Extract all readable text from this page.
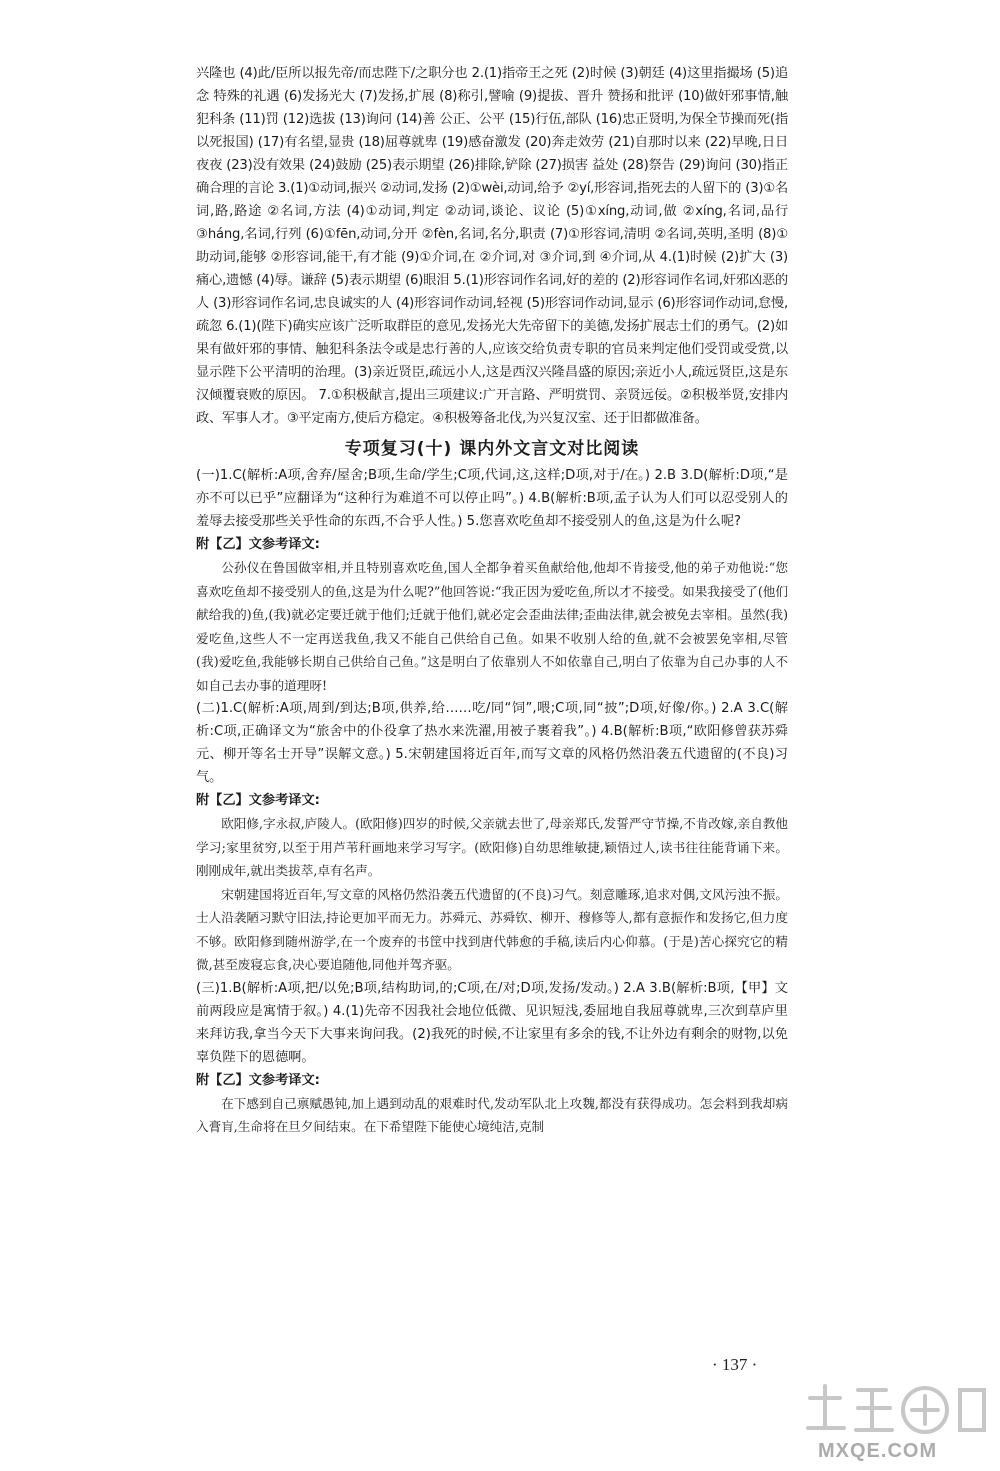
兴隆也 (4)此/臣所以报先帝/而忠陛下/之职分也 2.(1)指帝王之死 (2)时候 (3)朝廷 (4)这里指撮场 (5)追念 特殊的礼遇 (6)发扬光大 (7)发扬,扩展 (8)称引,譬喻 (9)提拔、晋升 赞扬和批评 (10)做奸邪事情,触犯科条 (11)罚 (12)选拔 (13)询问 (14)善 公正、公平 (15)行伍,部队 (16)忠正贤明,为保全节操而死(指以死报国) (17)有名望,显贵 (18)屈尊就卑 (19)感奋激发 (20)奔走效劳 (21)自那时以来 (22)早晚,日日夜夜 (23)没有效果 (24)鼓励 (25)表示期望 (26)排除,铲除 (27)损害 益处 (28)祭告 (29)询问 (30)指正确合理的言论 3.(1)①动词,振兴 ②动词,发扬 (2)①wèi,动词,给予 ②yí,形容词,指死去的人留下的 (3)①名词,路,路途 ②名词,方法 (4)①动词,判定 ②动词,谈论、议论 (5)①xíng,动词,做 ②xíng,名词,品行 ③háng,名词,行列 (6)①fēn,动词,分开 ②fèn,名词,名分,职责 (7)①形容词,清明 ②名词,英明,圣明 (8)①助动词,能够 ②形容词,能干,有才能 (9)①介词,在 ②介词,对 ③介词,到 ④介词,从 4.(1)时候 (2)扩大 (3)痛心,遗憾 (4)辱。谦辞 (5)表示期望 (6)眼泪 5.(1)形容词作名词,好的差的 (2)形容词作名词,奸邪凶恶的人 (3)形容词作名词,忠良诚实的人 (4)形容词作动词,轻视 (5)形容词作动词,显示 (6)形容词作动词,怠慢,疏忽 6.(1)(陛下)确实应该广泛听取群臣的意见,发扬光大先帝留下的美德,发扬扩展志士们的勇气。(2)如果有做奸邪的事情、触犯科条法令或是忠行善的人,应该交给负责专职的官员来判定他们受罚或受赏,以显示陛下公平清明的治理。(3)亲近贤臣,疏远小人,这是西汉兴隆昌盛的原因;亲近小人,疏远贤臣,这是东汉倾覆衰败的原因。 7.①积极献言,提出三项建议:广开言路、严明赏罚、亲贤远佞。②积极举贤,安排内政、军事人才。③平定南方,使后方稳定。④积极筹备北伐,为兴复汉室、还于旧都做准备。

专项复习(十) 课内外文言文对比阅读

(一)1.C(解析:A项,舍弃/屋舍;B项,生命/学生;C项,代词,这,这样;D项,对于/在。) 2.B 3.D(解析:D项,“是亦不可以已乎”应翻译为“这种行为难道不可以停止吗”。) 4.B(解析:B项,孟子认为人们可以忍受别人的羞辱去接受那些关乎性命的东西,不合乎人性。) 5.您喜欢吃鱼却不接受别人的鱼,这是为什么呢?

附【乙】文参考译文:

公孙仪在鲁国做宰相,并且特别喜欢吃鱼,国人全都争着买鱼献给他,他却不肯接受,他的弟子劝他说:“您喜欢吃鱼却不接受别人的鱼,这是为什么呢?”他回答说:“我正因为爱吃鱼,所以才不接受。如果我接受了(他们献给我的)鱼,(我)就必定要迁就于他们;迁就于他们,就必定会歪曲法律;歪曲法律,就会被免去宰相。虽然(我)爱吃鱼,这些人不一定再送我鱼,我又不能自己供给自己鱼。如果不收别人给的鱼,就不会被罢免宰相,尽管(我)爱吃鱼,我能够长期自己供给自己鱼。”这是明白了依靠别人不如依靠自己,明白了依靠为自己办事的人不如自己去办事的道理呀!

(二)1.C(解析:A项,周到/到达;B项,供养,给……吃/同“饲”,喂;C项,同“披”;D项,好像/你。) 2.A 3.C(解析:C项,正确译文为“旅舍中的仆役拿了热水来洗濯,用被子裹着我”。) 4.B(解析:B项,“欧阳修曾获苏舜元、柳开等名士开导”误解文意。) 5.宋朝建国将近百年,而写文章的风格仍然沿袭五代遗留的(不良)习气。

附【乙】文参考译文:

欧阳修,字永叔,庐陵人。(欧阳修)四岁的时候,父亲就去世了,母亲郑氏,发誓严守节操,不肯改嫁,亲自教他学习;家里贫穷,以至于用芦苇秆画地来学习写字。(欧阳修)自幼思维敏捷,颖悟过人,读书往往能背诵下来。刚刚成年,就出类拔萃,卓有名声。

宋朝建国将近百年,写文章的风格仍然沿袭五代遗留的(不良)习气。刻意雕琢,追求对偶,文风污浊不振。士人沿袭陋习默守旧法,持论更加平而无力。苏舜元、苏舜钦、柳开、穆修等人,都有意振作和发扬它,但力度不够。欧阳修到随州游学,在一个废弃的书筐中找到唐代韩愈的手稿,读后内心仰慕。(于是)苦心探究它的精微,甚至废寝忘食,决心要追随他,同他并驾齐驱。

(三)1.B(解析:A项,把/以免;B项,结构助词,的;C项,在/对;D项,发扬/发动。) 2.A 3.B(解析:B项,【甲】文前两段应是寓情于叙。) 4.(1)先帝不因我社会地位低微、见识短浅,委屈地自我屈尊就卑,三次到草庐里来拜访我,拿当今天下大事来询问我。(2)我死的时候,不让家里有多余的钱,不让外边有剩余的财物,以免辜负陛下的恩德啊。

附【乙】文参考译文:

在下感到自己禀赋愚钝,加上遇到动乱的艰难时代,发动军队北上攻魏,都没有获得成功。怎会料到我却病入膏肓,生命将在旦夕间结束。在下希望陛下能使心境纯洁,克制

· 137 ·
MXQE.COM
